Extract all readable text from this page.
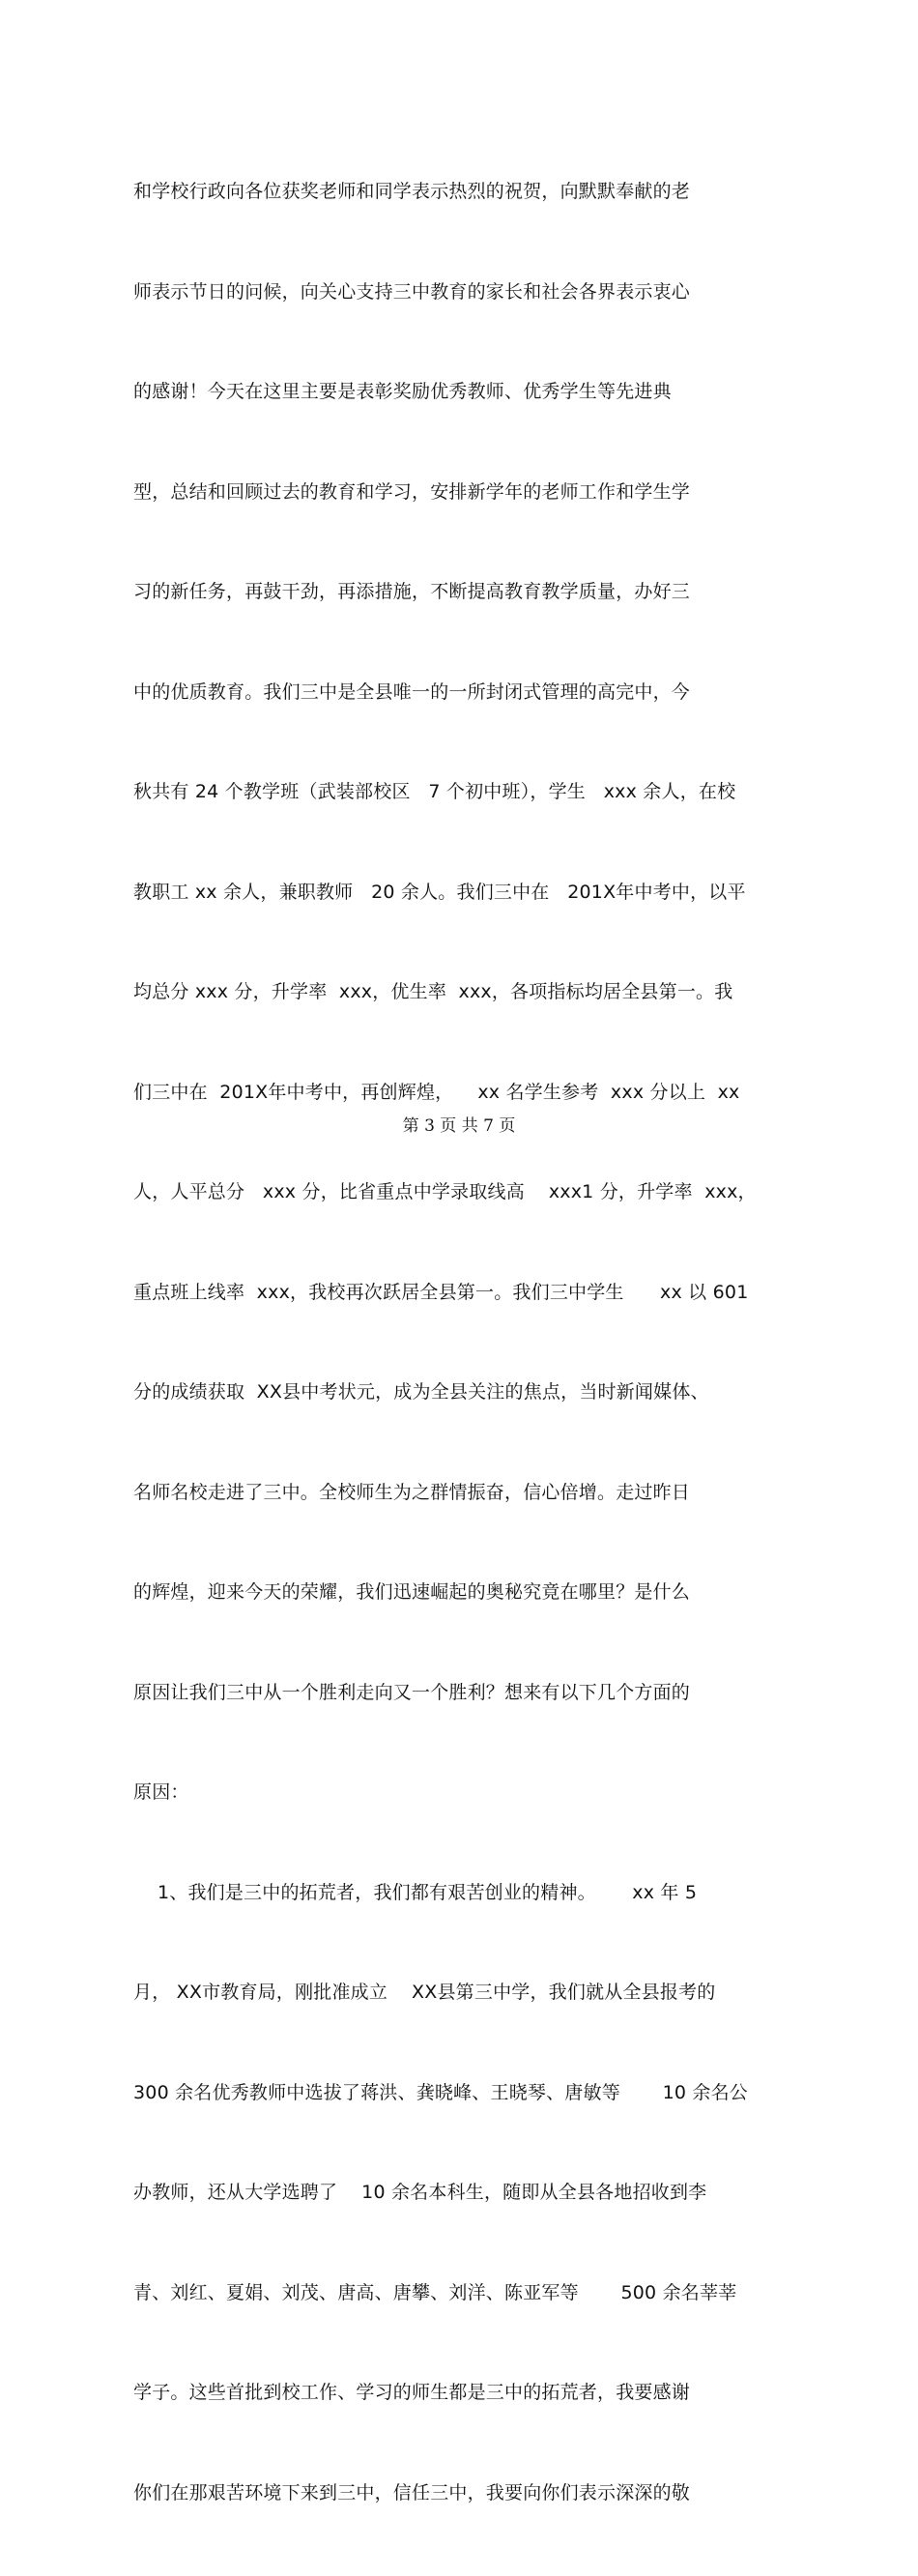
和学校行政向各位获奖老师和同学表示热烈的祝贺，向默默奉献的老

师表示节日的问候，向关心支持三中教育的家长和社会各界表示衷心

的感谢！今天在这里主要是表彰奖励优秀教师、优秀学生等先进典

型，总结和回顾过去的教育和学习，安排新学年的老师工作和学生学

习的新任务，再鼓干劲，再添措施，不断提高教育教学质量，办好三

中的优质教育。我们三中是全县唯一的一所封闭式管理的高完中，今

秋共有 24 个教学班（武装部校区   7 个初中班），学生   xxx 余人，在校

教职工 xx 余人，兼职教师   20 余人。我们三中在   201X年中考中，以平

均总分 xxx 分，升学率  xxx，优生率  xxx，各项指标均居全县第一。我

们三中在  201X年中考中，再创辉煌，    xx 名学生参考  xxx 分以上  xx

人，人平总分   xxx 分，比省重点中学录取线高    xxx1 分，升学率  xxx，

重点班上线率  xxx，我校再次跃居全县第一。我们三中学生      xx 以 601

分的成绩获取  XX县中考状元，成为全县关注的焦点，当时新闻媒体、

名师名校走进了三中。全校师生为之群情振奋，信心倍增。走过昨日

的辉煌，迎来今天的荣耀，我们迅速崛起的奥秘究竟在哪里？是什么

原因让我们三中从一个胜利走向又一个胜利？想来有以下几个方面的

原因：

1、我们是三中的拓荒者，我们都有艰苦创业的精神。      xx 年 5

月， XX市教育局，刚批准成立    XX县第三中学，我们就从全县报考的

300 余名优秀教师中选拔了蒋洪、龚晓峰、王晓琴、唐敏等       10 余名公

办教师，还从大学选聘了    10 余名本科生，随即从全县各地招收到李

青、刘红、夏娟、刘茂、唐高、唐攀、刘洋、陈亚军等       500 余名莘莘

学子。这些首批到校工作、学习的师生都是三中的拓荒者，我要感谢

你们在那艰苦环境下来到三中，信任三中，我要向你们表示深深的敬

第 3 页 共 7 页
